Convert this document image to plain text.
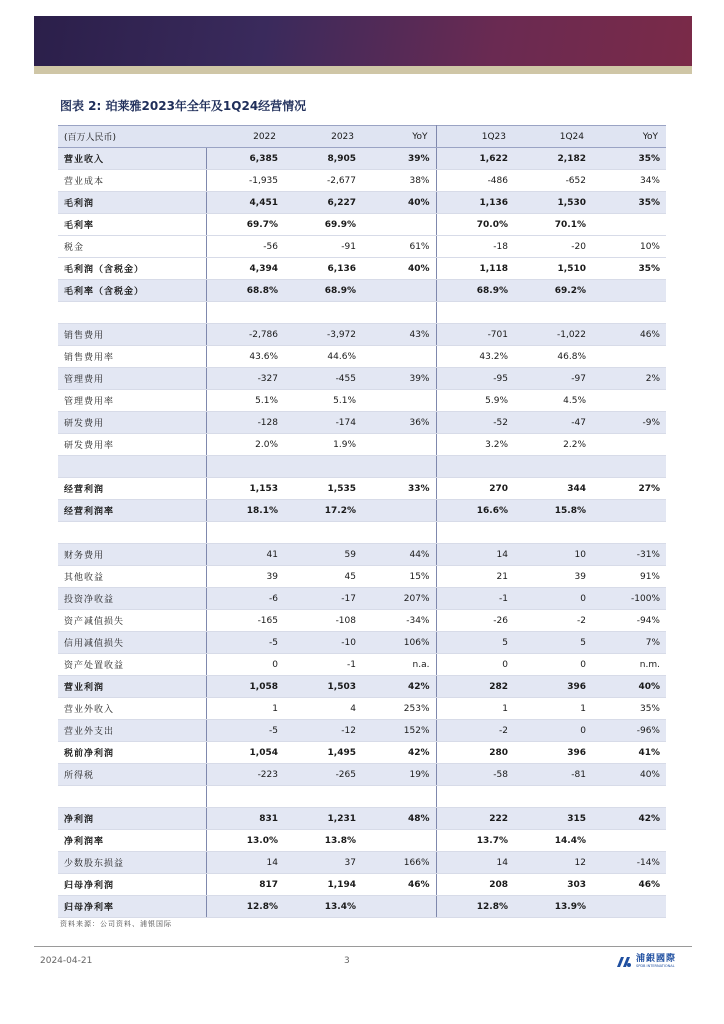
图表 2: 珀莱雅2023年全年及1Q24经营情况
(百万人民币)	2022	2023	YoY	1Q23	1Q24	YoY
营业收入	6,385	8,905	39%	1,622	2,182	35%
营业成本	-1,935	-2,677	38%	-486	-652	34%
毛利润	4,451	6,227	40%	1,136	1,530	35%
毛利率	69.7%	69.9%		70.0%	70.1%	
税金	-56	-91	61%	-18	-20	10%
毛利润（含税金）	4,394	6,136	40%	1,118	1,510	35%
毛利率（含税金）	68.8%	68.9%		68.9%	69.2%	

销售费用	-2,786	-3,972	43%	-701	-1,022	46%
销售费用率	43.6%	44.6%		43.2%	46.8%	
管理费用	-327	-455	39%	-95	-97	2%
管理费用率	5.1%	5.1%		5.9%	4.5%	
研发费用	-128	-174	36%	-52	-47	-9%
研发费用率	2.0%	1.9%		3.2%	2.2%	

经营利润	1,153	1,535	33%	270	344	27%
经营利润率	18.1%	17.2%		16.6%	15.8%	

财务费用	41	59	44%	14	10	-31%
其他收益	39	45	15%	21	39	91%
投资净收益	-6	-17	207%	-1	0	-100%
资产减值损失	-165	-108	-34%	-26	-2	-94%
信用减值损失	-5	-10	106%	5	5	7%
资产处置收益	0	-1	n.a.	0	0	n.m.
营业利润	1,058	1,503	42%	282	396	40%
营业外收入	1	4	253%	1	1	35%
营业外支出	-5	-12	152%	-2	0	-96%
税前净利润	1,054	1,495	42%	280	396	41%
所得税	-223	-265	19%	-58	-81	40%

净利润	831	1,231	48%	222	315	42%
净利润率	13.0%	13.8%		13.7%	14.4%	
少数股东损益	14	37	166%	14	12	-14%
归母净利润	817	1,194	46%	208	303	46%
归母净利率	12.8%	13.4%		12.8%	13.9%	
资料来源：公司资料、浦银国际
2024-04-21	3	浦銀國際
SPDB INTERNATIONAL
